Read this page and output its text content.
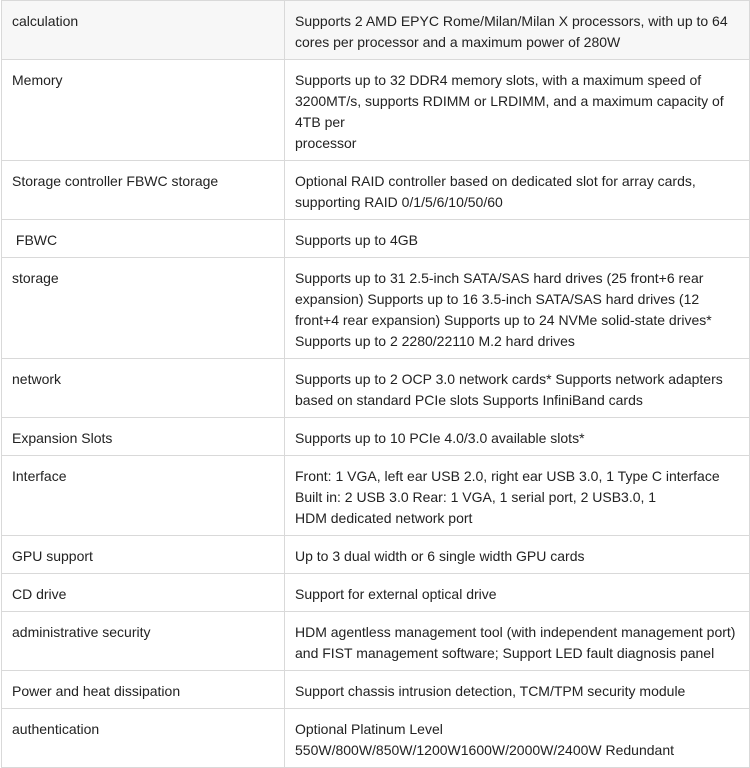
calculation	Supports 2 AMD EPYC Rome/Milan/Milan X processors, with up to 64 cores per processor and a maximum power of 280W
Memory	Supports up to 32 DDR4 memory slots, with a maximum speed of 3200MT/s, supports RDIMM or LRDIMM, and a maximum capacity of 4TB per
processor
Storage controller FBWC storage	Optional RAID controller based on dedicated slot for array cards, supporting RAID 0/1/5/6/10/50/60
FBWC	Supports up to 4GB
storage	Supports up to 31 2.5-inch SATA/SAS hard drives (25 front+6 rear expansion) Supports up to 16 3.5-inch SATA/SAS hard drives (12 front+4 rear expansion) Supports up to 24 NVMe solid-state drives* Supports up to 2 2280/22110 M.2 hard drives
network	Supports up to 2 OCP 3.0 network cards* Supports network adapters based on standard PCIe slots Supports InfiniBand cards
Expansion Slots	Supports up to 10 PCIe 4.0/3.0 available slots*
Interface	Front: 1 VGA, left ear USB 2.0, right ear USB 3.0, 1 Type C interface Built in: 2 USB 3.0 Rear: 1 VGA, 1 serial port, 2 USB3.0, 1
HDM dedicated network port
GPU support	Up to 3 dual width or 6 single width GPU cards
CD drive	Support for external optical drive
administrative security	HDM agentless management tool (with independent management port) and FIST management software; Support LED fault diagnosis panel
Power and heat dissipation	Support chassis intrusion detection, TCM/TPM security module
authentication	Optional Platinum Level
550W/800W/850W/1200W1600W/2000W/2400W Redundant
